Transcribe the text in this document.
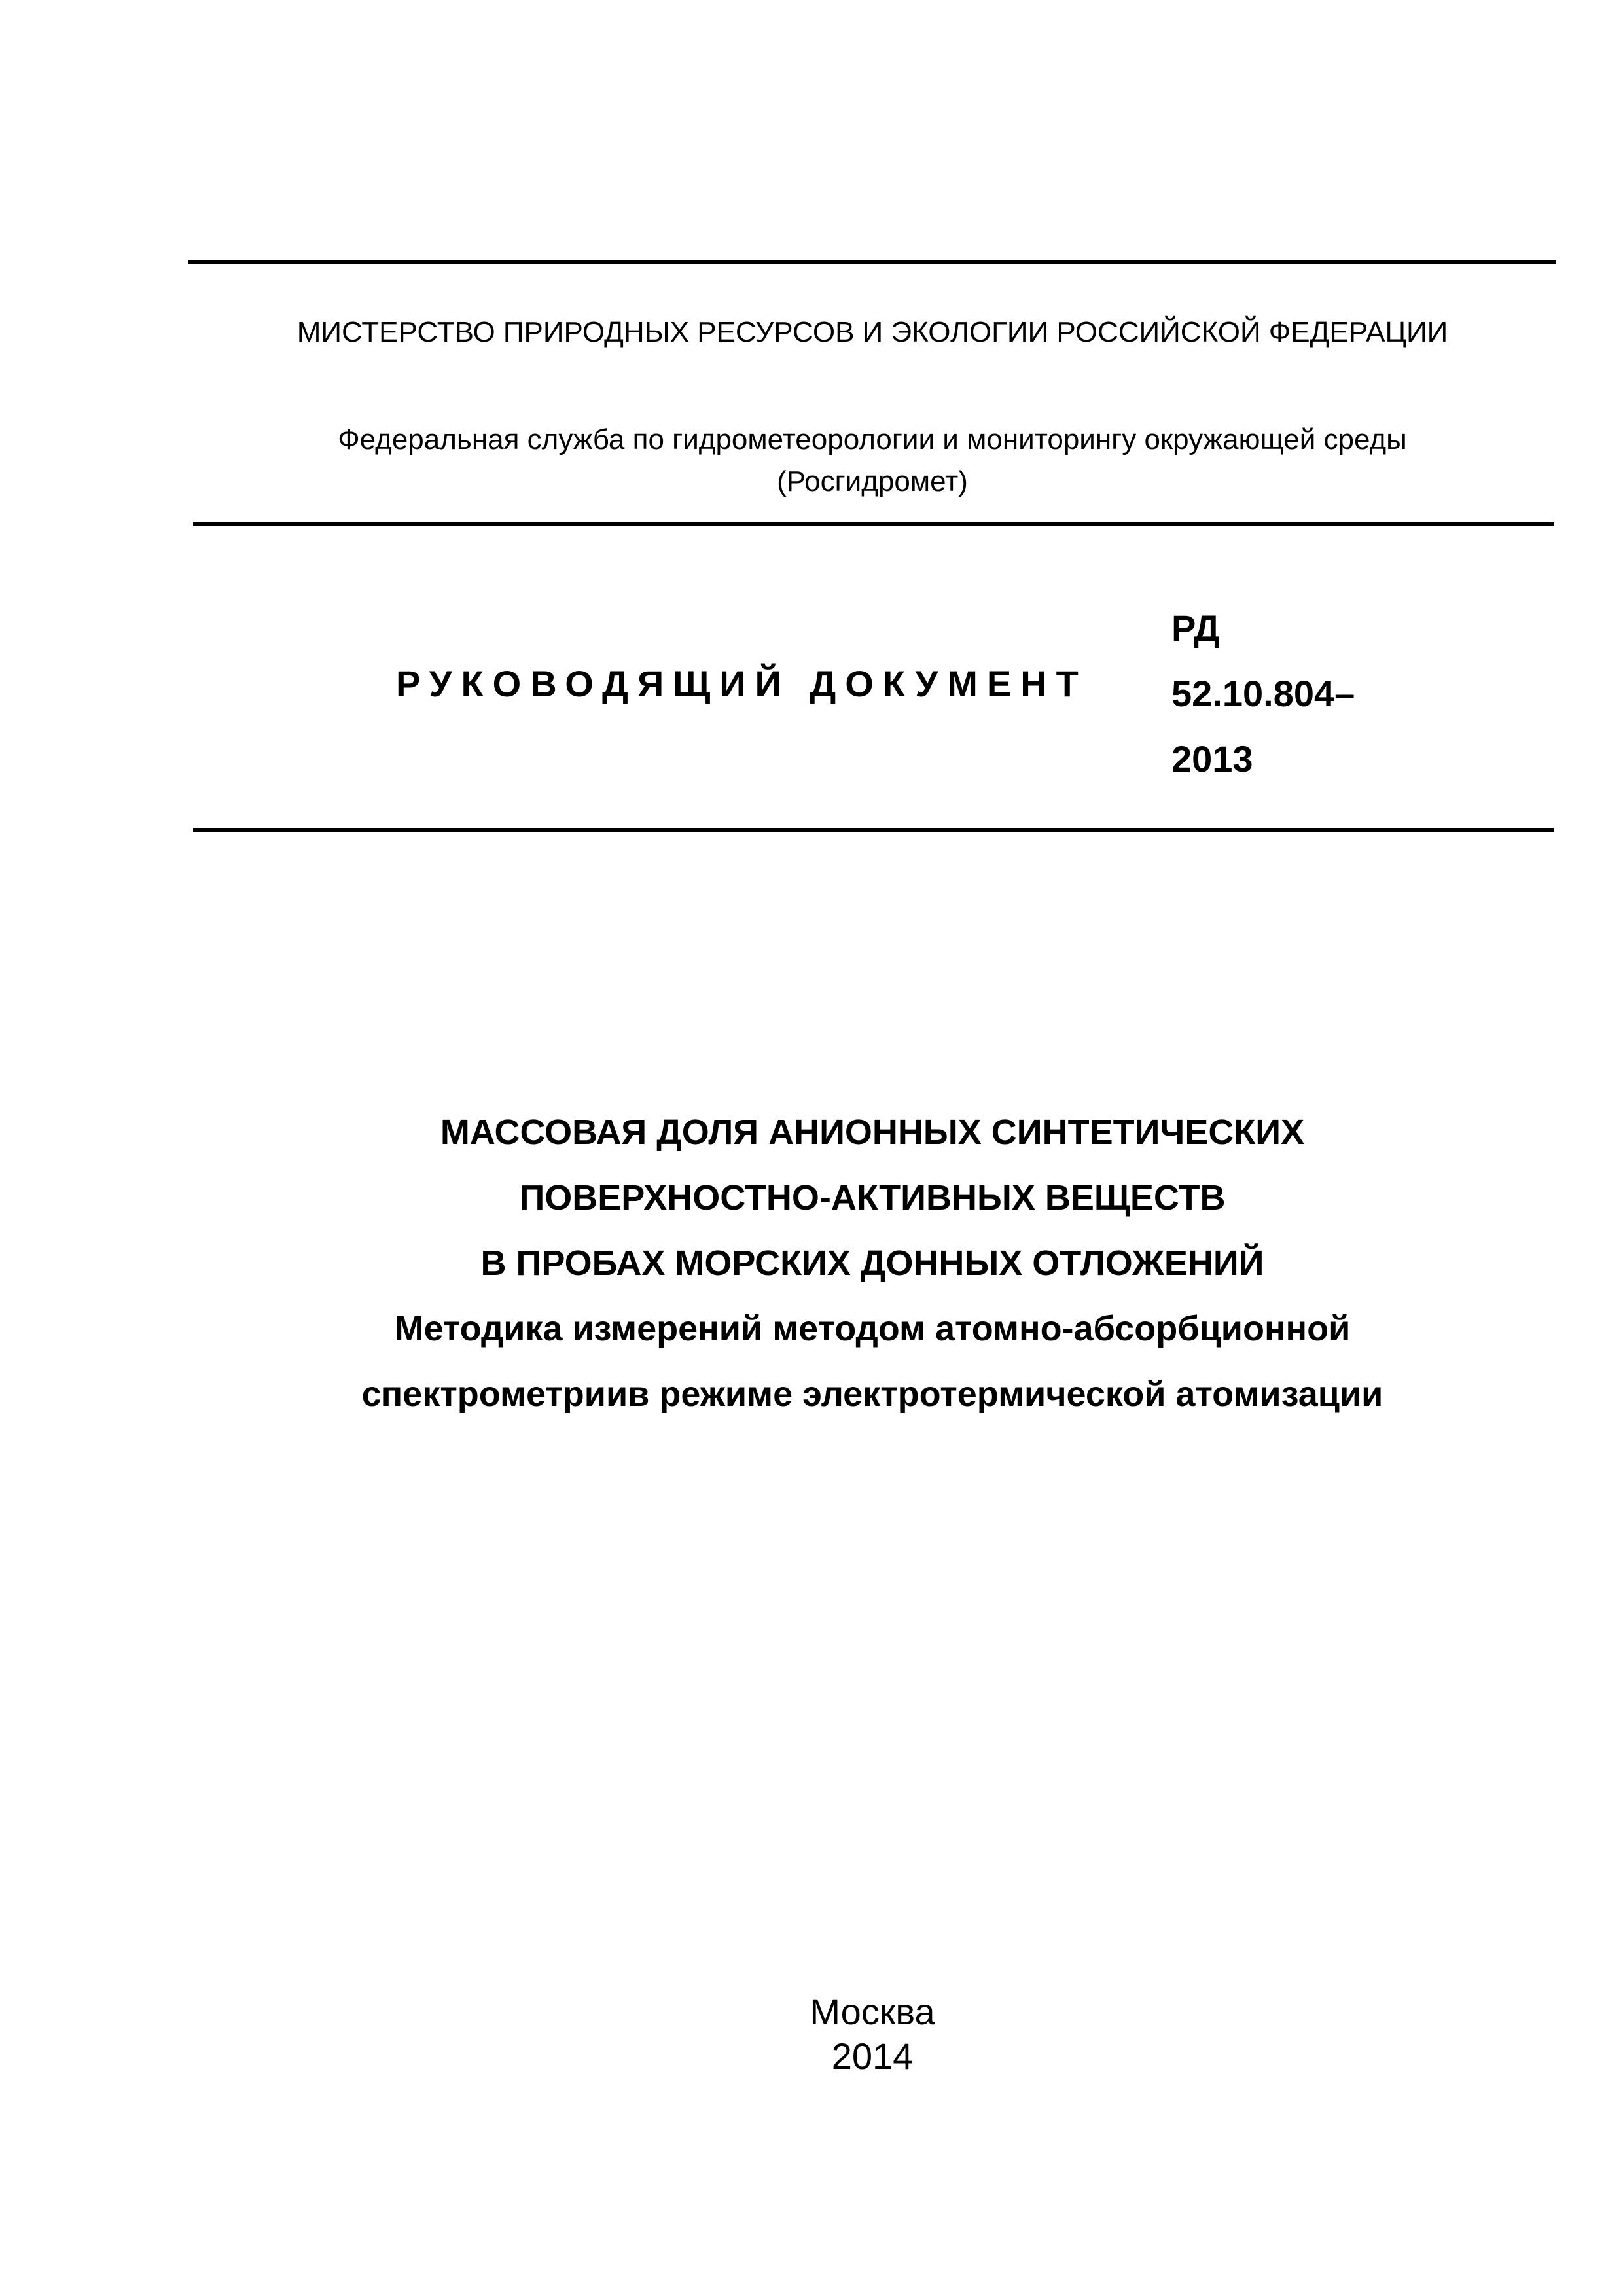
МИСТЕРСТВО ПРИРОДНЫХ РЕСУРСОВ И ЭКОЛОГИИ РОССИЙСКОЙ ФЕДЕРАЦИИ
Федеральная служба по гидрометеорологии и мониторингу окружающей среды
(Росгидромет)
РУКОВОДЯЩИЙ ДОКУМЕНТ
РД
52.10.804–
2013
МАССОВАЯ ДОЛЯ АНИОННЫХ СИНТЕТИЧЕСКИХ
ПОВЕРХНОСТНО-АКТИВНЫХ ВЕЩЕСТВ
В ПРОБАХ МОРСКИХ ДОННЫХ ОТЛОЖЕНИЙ
Методика измерений методом атомно-абсорбционной
спектрометриив режиме электротермической атомизации
Москва
2014
